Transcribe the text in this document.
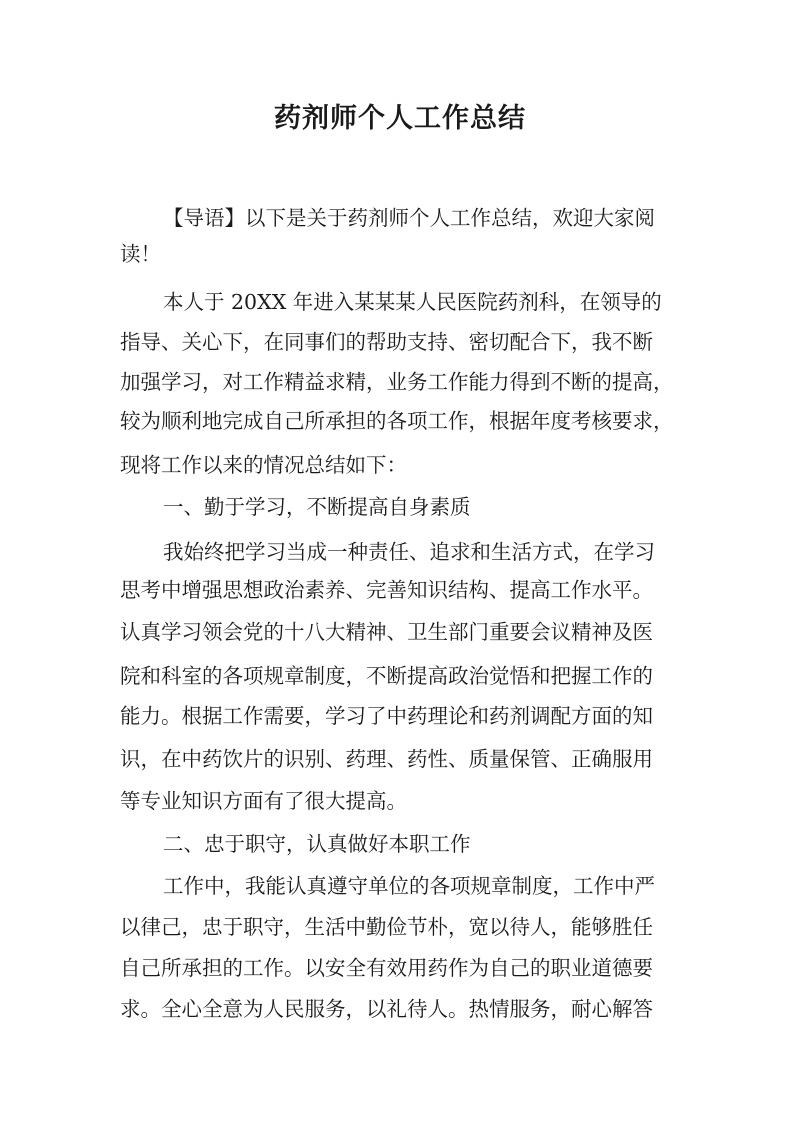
药剂师个人工作总结
【导语】以下是关于药剂师个人工作总结，欢迎大家阅
读！
本人于 20XX 年进入某某某人民医院药剂科，在领导的
指导、关心下，在同事们的帮助支持、密切配合下，我不断
加强学习，对工作精益求精，业务工作能力得到不断的提高，
较为顺利地完成自己所承担的各项工作，根据年度考核要求，
现将工作以来的情况总结如下：
一、勤于学习，不断提高自身素质
我始终把学习当成一种责任、追求和生活方式，在学习
思考中增强思想政治素养、完善知识结构、提高工作水平。
认真学习领会党的十八大精神、卫生部门重要会议精神及医
院和科室的各项规章制度，不断提高政治觉悟和把握工作的
能力。根据工作需要，学习了中药理论和药剂调配方面的知
识，在中药饮片的识别、药理、药性、质量保管、正确服用
等专业知识方面有了很大提高。
二、忠于职守，认真做好本职工作
工作中，我能认真遵守单位的各项规章制度，工作中严
以律己，忠于职守，生活中勤俭节朴，宽以待人，能够胜任
自己所承担的工作。以安全有效用药作为自己的职业道德要
求。全心全意为人民服务，以礼待人。热情服务，耐心解答
